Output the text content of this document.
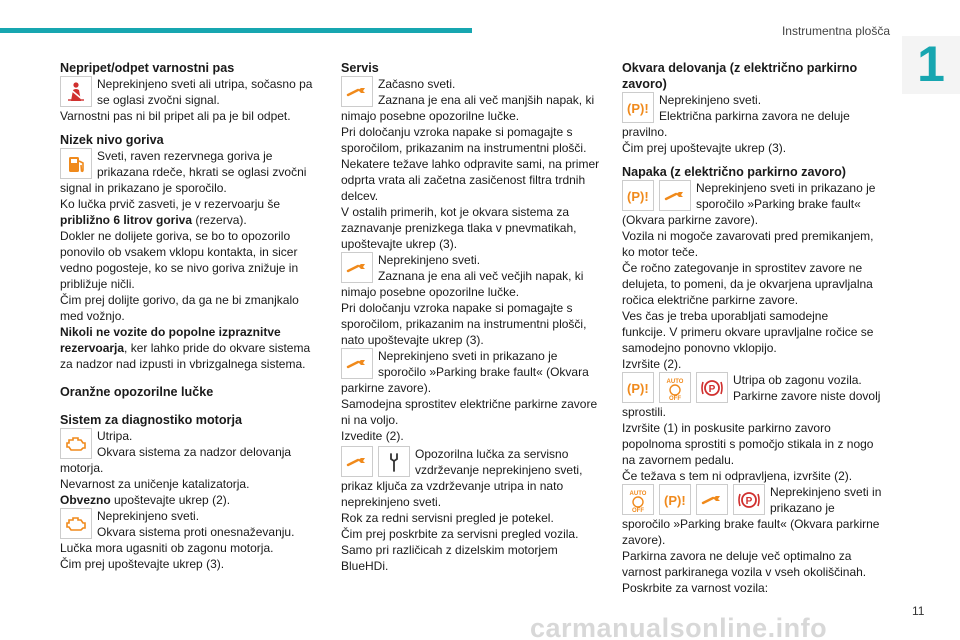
Instrumentna plošča
1

Nepripet/odpet varnostni pas

Neprekinjeno sveti ali utripa, sočasno pa

se oglasi zvočni signal.

Varnostni pas ni bil pripet ali pa je bil odpet.

Nizek nivo goriva

Sveti, raven rezervnega goriva je

prikazana rdeče, hkrati se oglasi zvočni

signal in prikazano je sporočilo.

Ko lučka prvič zasveti, je v rezervoarju še

približno 6 litrov goriva (rezerva).

Dokler ne dolijete goriva, se bo to opozorilo

ponovilo ob vsakem vklopu kontakta, in sicer

vedno pogosteje, ko se nivo goriva znižuje in

približuje ničli.

Čim prej dolijte gorivo, da ga ne bi zmanjkalo

med vožnjo.

Nikoli ne vozite do popolne izpraznitve

rezervoarja, ker lahko pride do okvare sistema

za nadzor nad izpusti in vbrizgalnega sistema.

Oranžne opozorilne lučke

Sistem za diagnostiko motorja

Utripa.

Okvara sistema za nadzor delovanja

motorja.

Nevarnost za uničenje katalizatorja.

Obvezno upoštevajte ukrep (2).

Neprekinjeno sveti.

Okvara sistema proti onesnaževanju.

Lučka mora ugasniti ob zagonu motorja.

Čim prej upoštevajte ukrep (3).

Servis

Začasno sveti.

Zaznana je ena ali več manjših napak, ki

nimajo posebne opozorilne lučke.

Pri določanju vzroka napake si pomagajte s

sporočilom, prikazanim na instrumentni plošči.

Nekatere težave lahko odpravite sami, na primer

odprta vrata ali začetna zasičenost filtra trdnih

delcev.

V ostalih primerih, kot je okvara sistema za

zaznavanje prenizkega tlaka v pnevmatikah,

upoštevajte ukrep (3).

Neprekinjeno sveti.

Zaznana je ena ali več večjih napak, ki

nimajo posebne opozorilne lučke.

Pri določanju vzroka napake si pomagajte s

sporočilom, prikazanim na instrumentni plošči,

nato upoštevajte ukrep (3).

Neprekinjeno sveti in prikazano je

sporočilo »Parking brake fault« (Okvara

parkirne zavore).

Samodejna sprostitev električne parkirne zavore

ni na voljo.

Izvedite (2).

Opozorilna lučka za servisno

vzdrževanje neprekinjeno sveti,

prikaz ključa za vzdrževanje utripa in nato

neprekinjeno sveti.

Rok za redni servisni pregled je potekel.

Čim prej poskrbite za servisni pregled vozila.

Samo pri različicah z dizelskim motorjem

BlueHDi.

Okvara delovanja (z električno parkirno

zavoro)

(P)!

Neprekinjeno sveti.

Električna parkirna zavora ne deluje

pravilno.

Čim prej upoštevajte ukrep (3).

Napaka (z električno parkirno zavoro)

(P)!

Neprekinjeno sveti in prikazano je

sporočilo »Parking brake fault«

(Okvara parkirne zavore).

Vozila ni mogoče zavarovati pred premikanjem,

ko motor teče.

Če ročno zategovanje in sprostitev zavore ne

delujeta, to pomeni, da je okvarjena upravljalna

ročica električne parkirne zavore.

Ves čas je treba uporabljati samodejne

funkcije. V primeru okvare upravljalne ročice se

samodejno ponovno vklopijo.

Izvršite (2).

(P)!	AUTO
OFF
P

Utripa ob zagonu vozila.

Parkirne zavore niste dovolj

sprostili.

Izvršite (1) in poskusite parkirno zavoro

popolnoma sprostiti s pomočjo stikala in z nogo

na zavornem pedalu.

Če težava s tem ni odpravljena, izvršite (2).

AUTO
OFF
(P)!	P

Neprekinjeno sveti in

prikazano je

sporočilo »Parking brake fault« (Okvara parkirne

zavore).

Parkirna zavora ne deluje več optimalno za

varnost parkiranega vozila v vseh okoliščinah.

Poskrbite za varnost vozila:

carmanualsonline.info
11
